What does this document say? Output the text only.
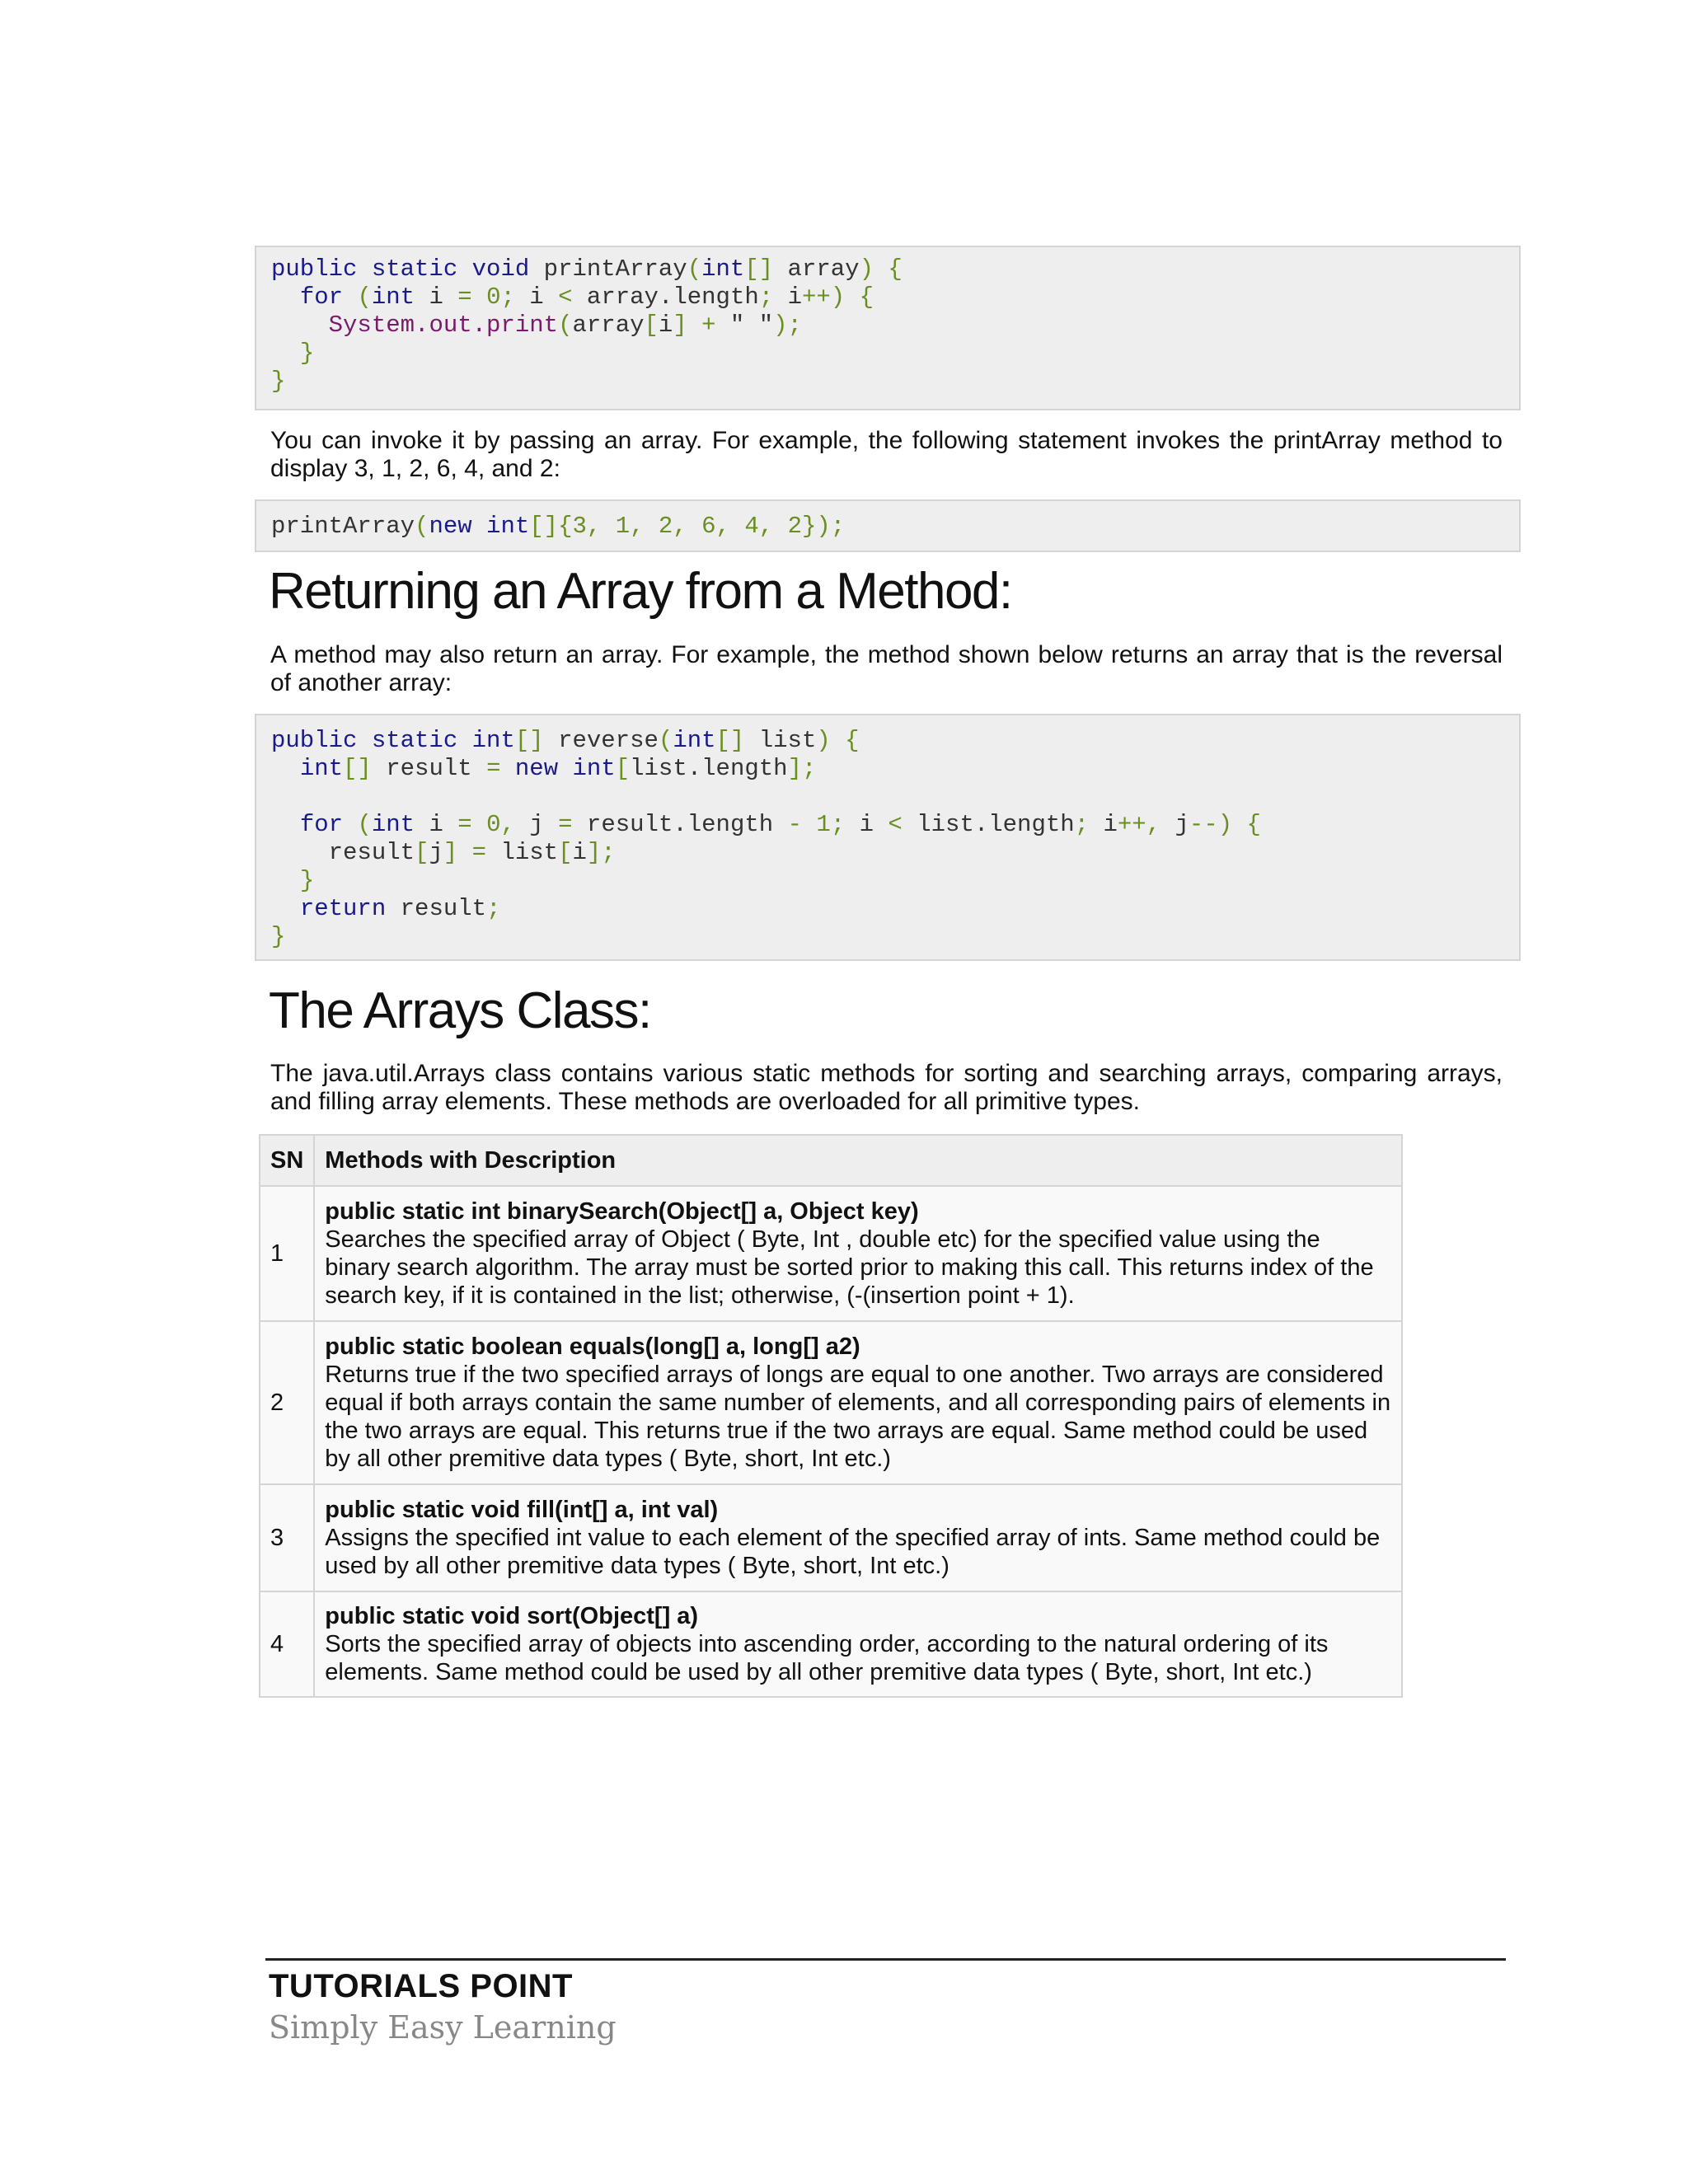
public static void printArray(int[] array) {
for (int i = 0; i < array.length; i++) {
System.out.print(array[i] + " ");
}
}
You can invoke it by passing an array. For example, the following statement invokes the printArray method to display 3, 1, 2, 6, 4, and 2:
printArray(new int[]{3, 1, 2, 6, 4, 2});
Returning an Array from a Method:
A method may also return an array. For example, the method shown below returns an array that is the reversal of another array:
public static int[] reverse(int[] list) {
int[] result = new int[list.length];
for (int i = 0, j = result.length - 1; i < list.length; i++, j--) {
result[j] = list[i];
}
return result;
}
The Arrays Class:
The java.util.Arrays class contains various static methods for sorting and searching arrays, comparing arrays, and filling array elements. These methods are overloaded for all primitive types.
SN	Methods with Description
1	public static int binarySearch(Object[] a, Object key)
Searches the specified array of Object ( Byte, Int , double etc) for the specified value using the binary search algorithm. The array must be sorted prior to making this call. This returns index of the search key, if it is contained in the list; otherwise, (-(insertion point + 1).
2	public static boolean equals(long[] a, long[] a2)
Returns true if the two specified arrays of longs are equal to one another. Two arrays are considered equal if both arrays contain the same number of elements, and all corresponding pairs of elements in the two arrays are equal. This returns true if the two arrays are equal. Same method could be used by all other premitive data types ( Byte, short, Int etc.)
3	public static void fill(int[] a, int val)
Assigns the specified int value to each element of the specified array of ints. Same method could be used by all other premitive data types ( Byte, short, Int etc.)
4	public static void sort(Object[] a)
Sorts the specified array of objects into ascending order, according to the natural ordering of its elements. Same method could be used by all other premitive data types ( Byte, short, Int etc.)
TUTORIALS POINT
Simply Easy Learning
